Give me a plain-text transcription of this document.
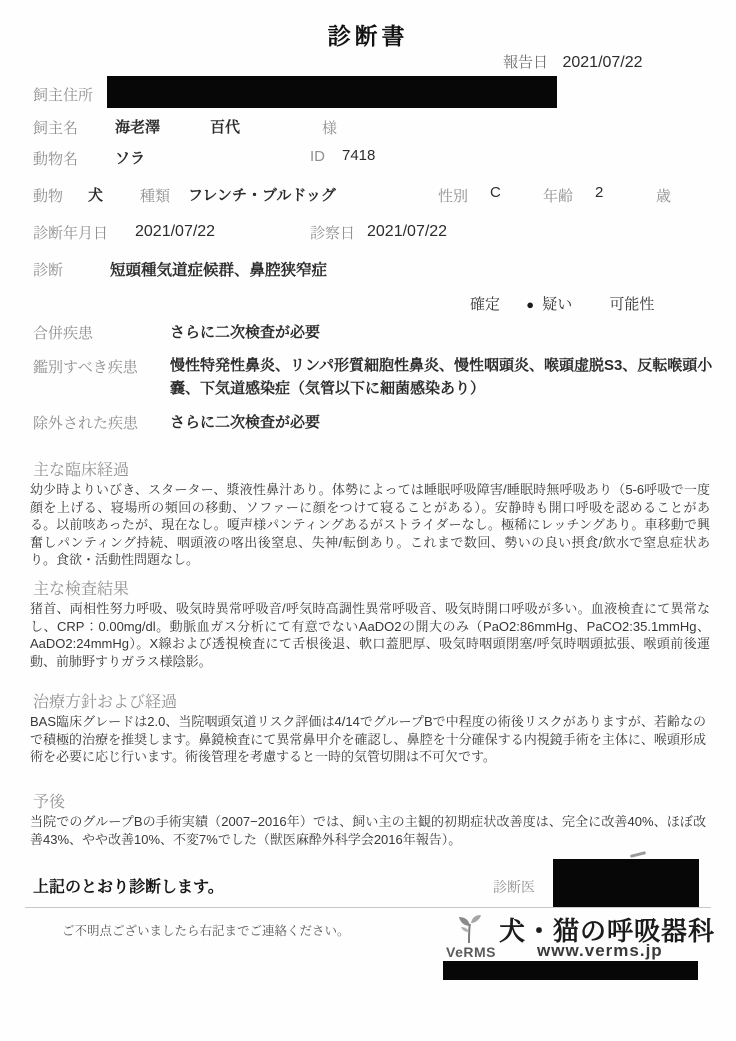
診断書
報告日 2021/07/22
飼主住所
飼主名 海老澤	百代	様
動物名 ソラ	ID 7418
動物 犬 種類 フレンチ・ブルドッグ	性別 C	年齢 2	歳
診断年月日 2021/07/22	診察日 2021/07/22
診断	短頭種気道症候群、鼻腔狭窄症
確定 ● 疑い 可能性
合併疾患	さらに二次検査が必要
鑑別すべき疾患 慢性特発性鼻炎、リンパ形質細胞性鼻炎、慢性咽頭炎、喉頭虚脱S3、反転喉頭小嚢、下気道感染症（気管以下に細菌感染あり）
除外された疾患 さらに二次検査が必要
主な臨床経過
幼少時よりいびき、スターター、漿液性鼻汁あり。体勢によっては睡眠呼吸障害/睡眠時無呼吸あり（5-6呼吸で一度顔を上げる、寝場所の頻回の移動、ソファーに顔をつけて寝ることがある）。安静時も開口呼吸を認めることがある。以前咳あったが、現在なし。嗄声様パンティングあるがストライダーなし。極稀にレッチングあり。車移動で興奮しパンティング持続、咽頭液の喀出後窒息、失神/転倒あり。これまで数回、勢いの良い摂食/飲水で窒息症状あり。食欲・活動性問題なし。
主な検査結果
猪首、両相性努力呼吸、吸気時異常呼吸音/呼気時高調性異常呼吸音、吸気時開口呼吸が多い。血液検査にて異常なし、CRP：0.00mg/dl。動脈血ガス分析にて有意でないAaDO2の開大のみ（PaO2:86mmHg、PaCO2:35.1mmHg、AaDO2:24mmHg）。X線および透視検査にて舌根後退、軟口蓋肥厚、吸気時咽頭閉塞/呼気時咽頭拡張、喉頭前後運動、前肺野すりガラス様陰影。
治療方針および経過
BAS臨床グレードは2.0、当院咽頭気道リスク評価は4/14でグループBで中程度の術後リスクがありますが、若齢なので積極的治療を推奨します。鼻鏡検査にて異常鼻甲介を確認し、鼻腔を十分確保する内視鏡手術を主体に、喉頭形成術を必要に応じ行います。術後管理を考慮すると一時的気管切開は不可欠です。
予後
当院でのグループBの手術実績（2007−2016年）では、飼い主の主観的初期症状改善度は、完全に改善40%、ほぼ改善43%、やや改善10%、不変7%でした（獣医麻酔外科学会2016年報告）。
上記のとおり診断します。	診断医
ご不明点ございましたら右記までご連絡ください。
VeRMS
犬・猫の呼吸器科
www.verms.jp
